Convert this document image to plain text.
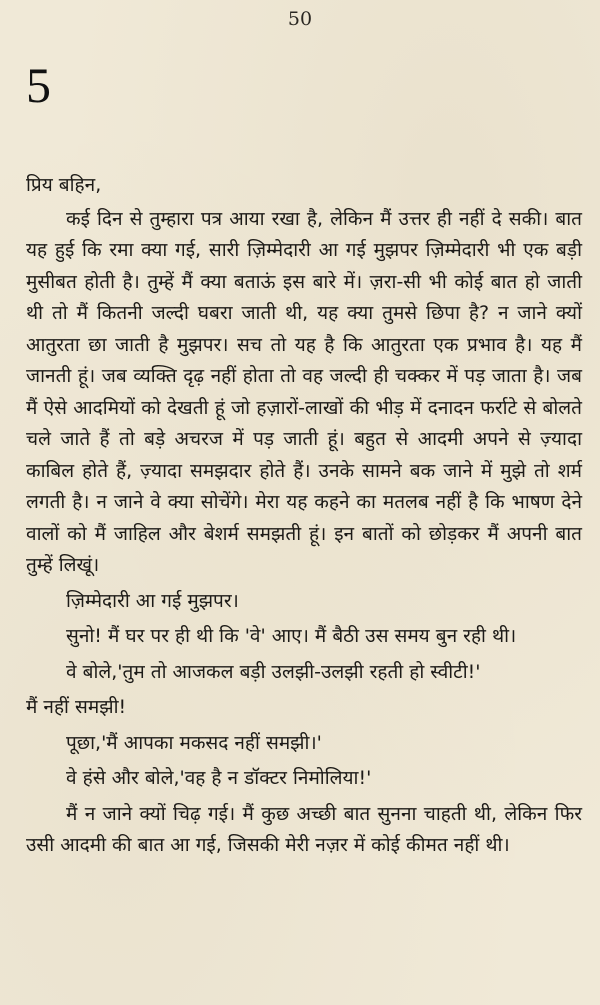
50
5

प्रिय बहिन,

कई दिन से तुम्हारा पत्र आया रखा है, लेकिन मैं उत्तर ही नहीं दे सकी। बात यह हुई कि रमा क्या गई, सारी ज़िम्मेदारी आ गई मुझपर ज़िम्मेदारी भी एक बड़ी मुसीबत होती है। तुम्हें मैं क्या बताऊं इस बारे में। ज़रा-सी भी कोई बात हो जाती थी तो मैं कितनी जल्दी घबरा जाती थी, यह क्या तुमसे छिपा है? न जाने क्यों आतुरता छा जाती है मुझपर। सच तो यह है कि आतुरता एक प्रभाव है। यह मैं जानती हूं। जब व्यक्ति दृढ़ नहीं होता तो वह जल्दी ही चक्कर में पड़ जाता है। जब मैं ऐसे आदमियों को देखती हूं जो हज़ारों-लाखों की भीड़ में दनादन फर्राटे से बोलते चले जाते हैं तो बड़े अचरज में पड़ जाती हूं। बहुत से आदमी अपने से ज़्यादा काबिल होते हैं, ज़्यादा समझदार होते हैं। उनके सामने बक जाने में मुझे तो शर्म लगती है। न जाने वे क्या सोचेंगे। मेरा यह कहने का मतलब नहीं है कि भाषण देने वालों को मैं जाहिल और बेशर्म समझती हूं। इन बातों को छोड़कर मैं अपनी बात तुम्हें लिखूं।

ज़िम्मेदारी आ गई मुझपर।

सुनो! मैं घर पर ही थी कि 'वे' आए। मैं बैठी उस समय बुन रही थी।

वे बोले,'तुम तो आजकल बड़ी उलझी-उलझी रहती हो स्वीटी!'

मैं नहीं समझी!

पूछा,'मैं आपका मकसद नहीं समझी।'

वे हंसे और बोले,'वह है न डॉक्टर निमोलिया!'

मैं न जाने क्यों चिढ़ गई। मैं कुछ अच्छी बात सुनना चाहती थी, लेकिन फिर उसी आदमी की बात आ गई, जिसकी मेरी नज़र में कोई कीमत नहीं थी।
